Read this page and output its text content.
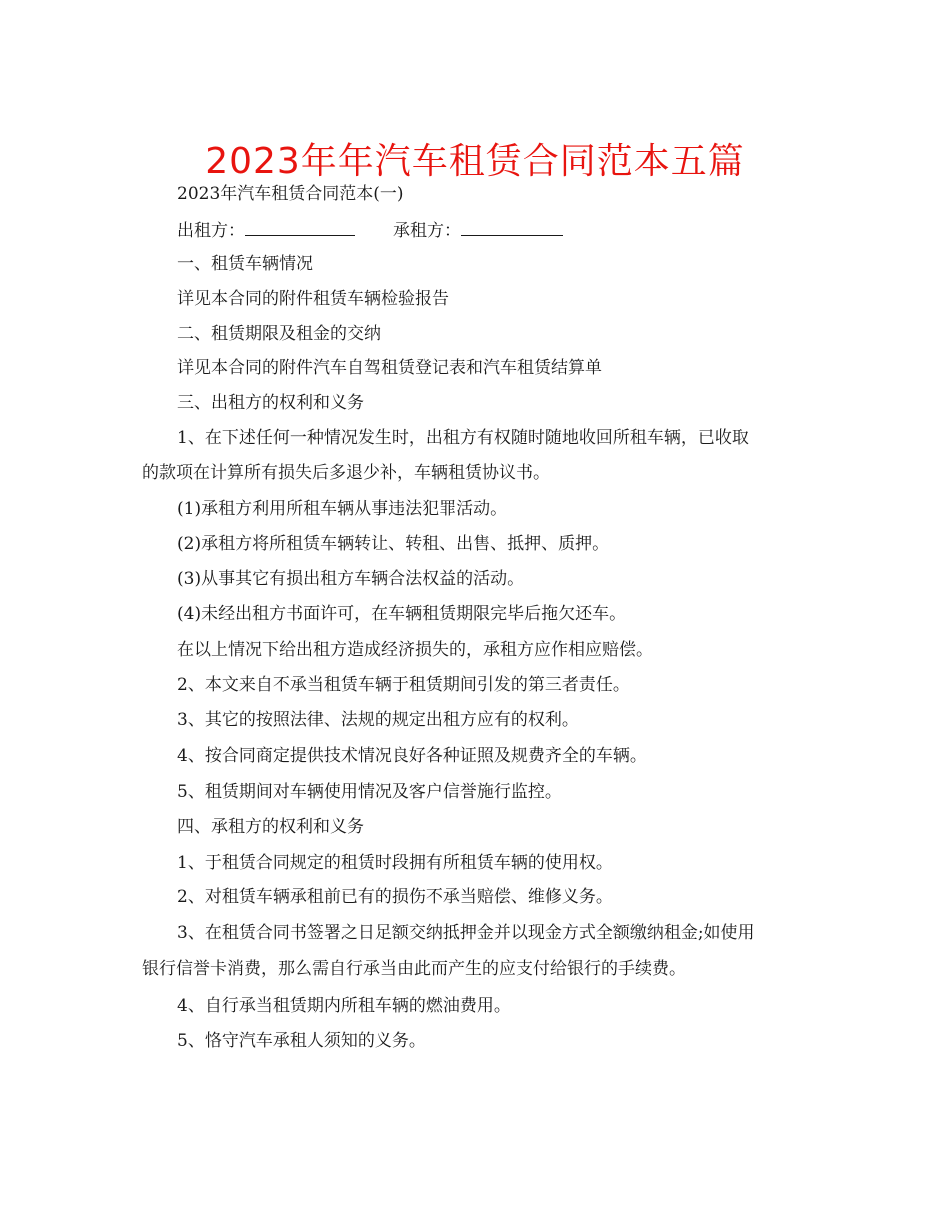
2023年年汽车租赁合同范本五篇
2023年汽车租赁合同范本(一)
出租方：	承租方：
一、租赁车辆情况
详见本合同的附件租赁车辆检验报告
二、租赁期限及租金的交纳
详见本合同的附件汽车自驾租赁登记表和汽车租赁结算单
三、出租方的权利和义务
1、在下述任何一种情况发生时，出租方有权随时随地收回所租车辆，已收取
的款项在计算所有损失后多退少补，车辆租赁协议书。
(1)承租方利用所租车辆从事违法犯罪活动。
(2)承租方将所租赁车辆转让、转租、出售、抵押、质押。
(3)从事其它有损出租方车辆合法权益的活动。
(4)未经出租方书面许可，在车辆租赁期限完毕后拖欠还车。
在以上情况下给出租方造成经济损失的，承租方应作相应赔偿。
2、本文来自不承当租赁车辆于租赁期间引发的第三者责任。
3、其它的按照法律、法规的规定出租方应有的权利。
4、按合同商定提供技术情况良好各种证照及规费齐全的车辆。
5、租赁期间对车辆使用情况及客户信誉施行监控。
四、承租方的权利和义务
1、于租赁合同规定的租赁时段拥有所租赁车辆的使用权。
2、对租赁车辆承租前已有的损伤不承当赔偿、维修义务。
3、在租赁合同书签署之日足额交纳抵押金并以现金方式全额缴纳租金;如使用
银行信誉卡消费，那么需自行承当由此而产生的应支付给银行的手续费。
4、自行承当租赁期内所租车辆的燃油费用。
5、恪守汽车承租人须知的义务。
